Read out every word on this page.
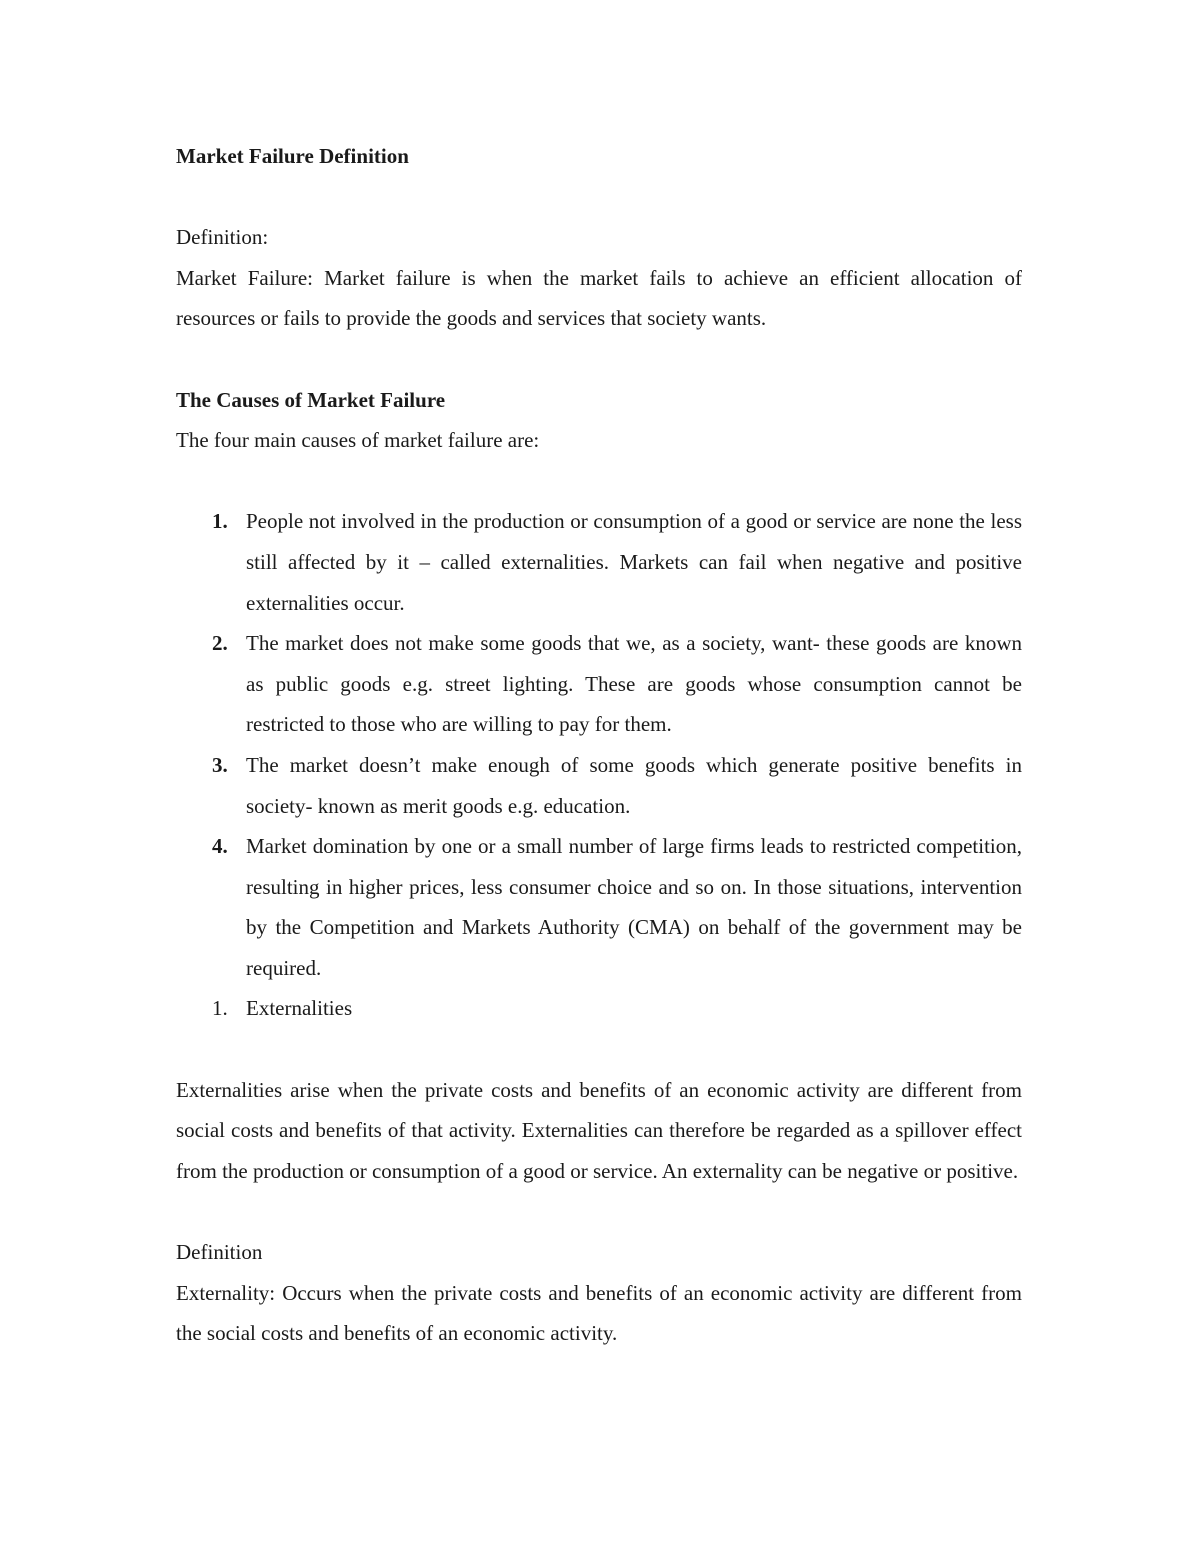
Market Failure Definition

Definition:

Market Failure: Market failure is when the market fails to achieve an efficient allocation of resources or fails to provide the goods and services that society wants.

The Causes of Market Failure

The four main causes of market failure are:

1. People not involved in the production or consumption of a good or service are none the less still affected by it – called externalities. Markets can fail when negative and positive externalities occur.
2. The market does not make some goods that we, as a society, want- these goods are known as public goods e.g. street lighting. These are goods whose consumption cannot be restricted to those who are willing to pay for them.
3. The market doesn’t make enough of some goods which generate positive benefits in society- known as merit goods e.g. education.
4. Market domination by one or a small number of large firms leads to restricted competition, resulting in higher prices, less consumer choice and so on. In those situations, intervention by the Competition and Markets Authority (CMA) on behalf of the government may be required.
1. Externalities

Externalities arise when the private costs and benefits of an economic activity are different from social costs and benefits of that activity. Externalities can therefore be regarded as a spillover effect from the production or consumption of a good or service. An externality can be negative or positive.

Definition

Externality: Occurs when the private costs and benefits of an economic activity are different from the social costs and benefits of an economic activity.
